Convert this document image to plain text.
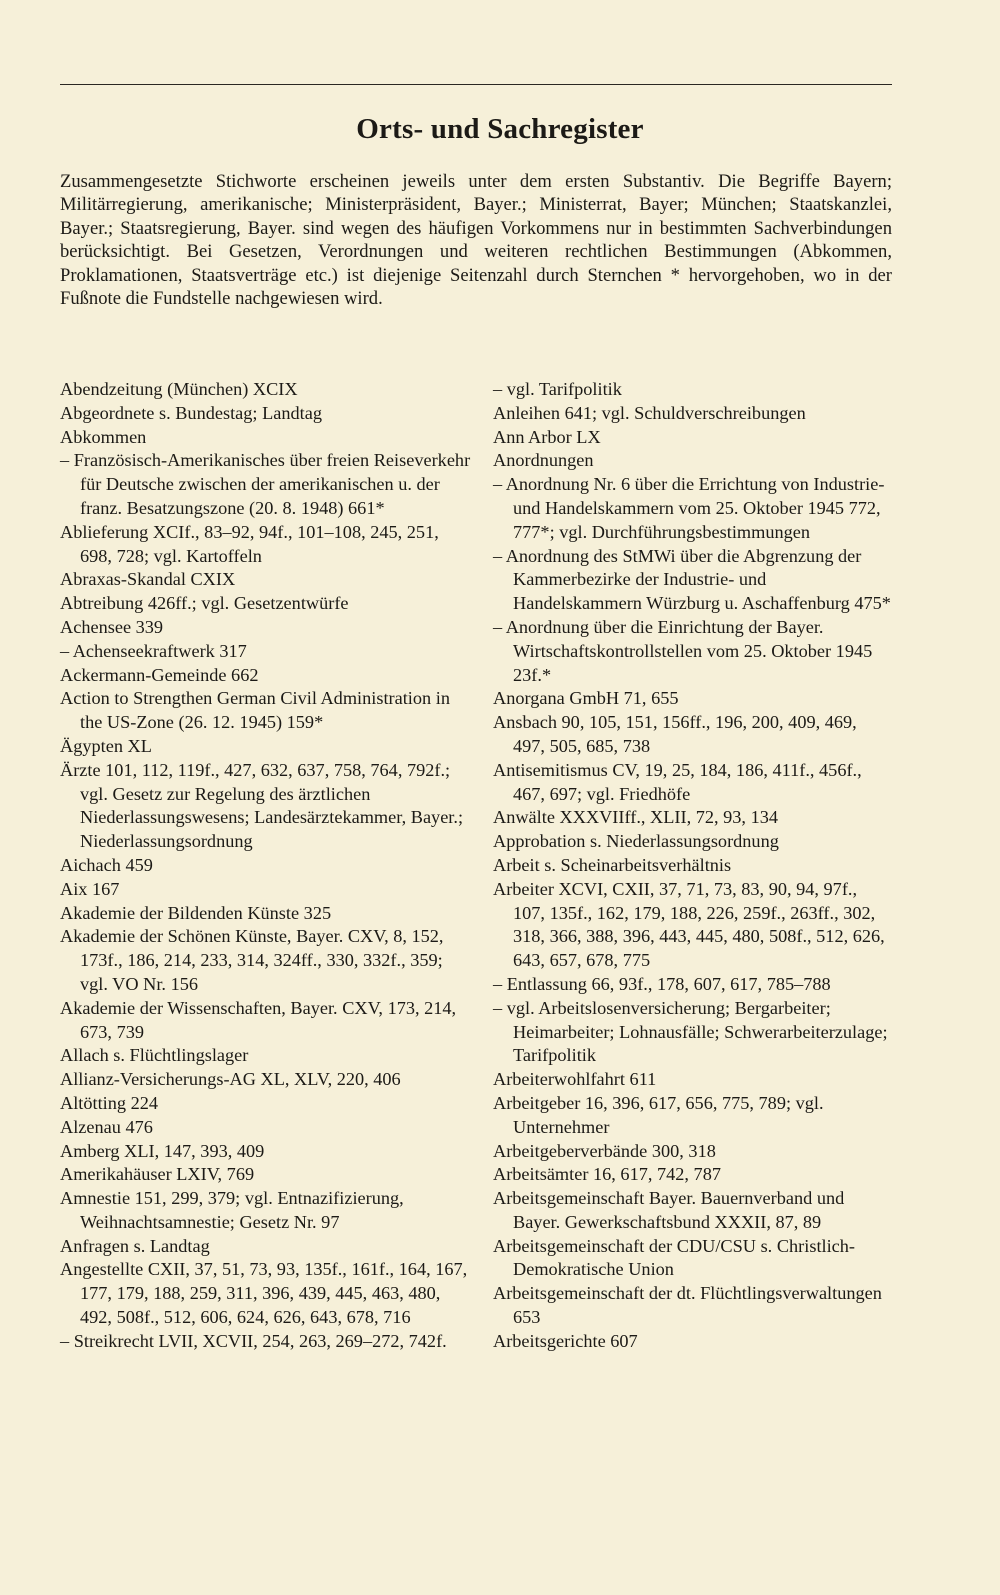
Orts- und Sachregister
Zusammengesetzte Stichworte erscheinen jeweils unter dem ersten Substantiv. Die Begriffe Bayern; Militärregierung, amerikanische; Ministerpräsident, Bayer.; Ministerrat, Bayer; München; Staatskanzlei, Bayer.; Staatsregierung, Bayer. sind wegen des häufigen Vorkommens nur in bestimmten Sachverbindungen berücksichtigt. Bei Gesetzen, Verordnungen und weiteren rechtlichen Bestimmungen (Abkommen, Proklamationen, Staatsverträge etc.) ist diejenige Seitenzahl durch Sternchen * hervorgehoben, wo in der Fußnote die Fundstelle nachgewiesen wird.
Abendzeitung (München) XCIX
Abgeordnete s. Bundestag; Landtag
Abkommen
– Französisch-Amerikanisches über freien Reiseverkehr für Deutsche zwischen der amerikanischen u. der franz. Besatzungszone (20. 8. 1948) 661*
Ablieferung XCIf., 83–92, 94f., 101–108, 245, 251, 698, 728; vgl. Kartoffeln
Abraxas-Skandal CXIX
Abtreibung 426ff.; vgl. Gesetzentwürfe
Achensee 339
– Achenseekraftwerk 317
Ackermann-Gemeinde 662
Action to Strengthen German Civil Administration in the US-Zone (26. 12. 1945) 159*
Ägypten XL
Ärzte 101, 112, 119f., 427, 632, 637, 758, 764, 792f.; vgl. Gesetz zur Regelung des ärztlichen Niederlassungswesens; Landesärztekammer, Bayer.; Niederlassungsordnung
Aichach 459
Aix 167
Akademie der Bildenden Künste 325
Akademie der Schönen Künste, Bayer. CXV, 8, 152, 173f., 186, 214, 233, 314, 324ff., 330, 332f., 359; vgl. VO Nr. 156
Akademie der Wissenschaften, Bayer. CXV, 173, 214, 673, 739
Allach s. Flüchtlingslager
Allianz-Versicherungs-AG XL, XLV, 220, 406
Altötting 224
Alzenau 476
Amberg XLI, 147, 393, 409
Amerikahäuser LXIV, 769
Amnestie 151, 299, 379; vgl. Entnazifizierung, Weihnachtsamnestie; Gesetz Nr. 97
Anfragen s. Landtag
Angestellte CXII, 37, 51, 73, 93, 135f., 161f., 164, 167, 177, 179, 188, 259, 311, 396, 439, 445, 463, 480, 492, 508f., 512, 606, 624, 626, 643, 678, 716
– Streikrecht LVII, XCVII, 254, 263, 269–272, 742f.
– vgl. Tarifpolitik
Anleihen 641; vgl. Schuldverschreibungen
Ann Arbor LX
Anordnungen
– Anordnung Nr. 6 über die Errichtung von Industrie- und Handelskammern vom 25. Oktober 1945 772, 777*; vgl. Durchführungsbestimmungen
– Anordnung des StMWi über die Abgrenzung der Kammerbezirke der Industrie- und Handelskammern Würzburg u. Aschaffenburg 475*
– Anordnung über die Einrichtung der Bayer. Wirtschaftskontrollstellen vom 25. Oktober 1945 23f.*
Anorgana GmbH 71, 655
Ansbach 90, 105, 151, 156ff., 196, 200, 409, 469, 497, 505, 685, 738
Antisemitismus CV, 19, 25, 184, 186, 411f., 456f., 467, 697; vgl. Friedhöfe
Anwälte XXXVIIff., XLII, 72, 93, 134
Approbation s. Niederlassungsordnung
Arbeit s. Scheinarbeitsverhältnis
Arbeiter XCVI, CXII, 37, 71, 73, 83, 90, 94, 97f., 107, 135f., 162, 179, 188, 226, 259f., 263ff., 302, 318, 366, 388, 396, 443, 445, 480, 508f., 512, 626, 643, 657, 678, 775
– Entlassung 66, 93f., 178, 607, 617, 785–788
– vgl. Arbeitslosenversicherung; Bergarbeiter; Heimarbeiter; Lohnausfälle; Schwerarbeiterzulage; Tarifpolitik
Arbeiterwohlfahrt 611
Arbeitgeber 16, 396, 617, 656, 775, 789; vgl. Unternehmer
Arbeitgeberverbände 300, 318
Arbeitsämter 16, 617, 742, 787
Arbeitsgemeinschaft Bayer. Bauernverband und Bayer. Gewerkschaftsbund XXXII, 87, 89
Arbeitsgemeinschaft der CDU/CSU s. Christlich-Demokratische Union
Arbeitsgemeinschaft der dt. Flüchtlingsverwaltungen 653
Arbeitsgerichte 607
